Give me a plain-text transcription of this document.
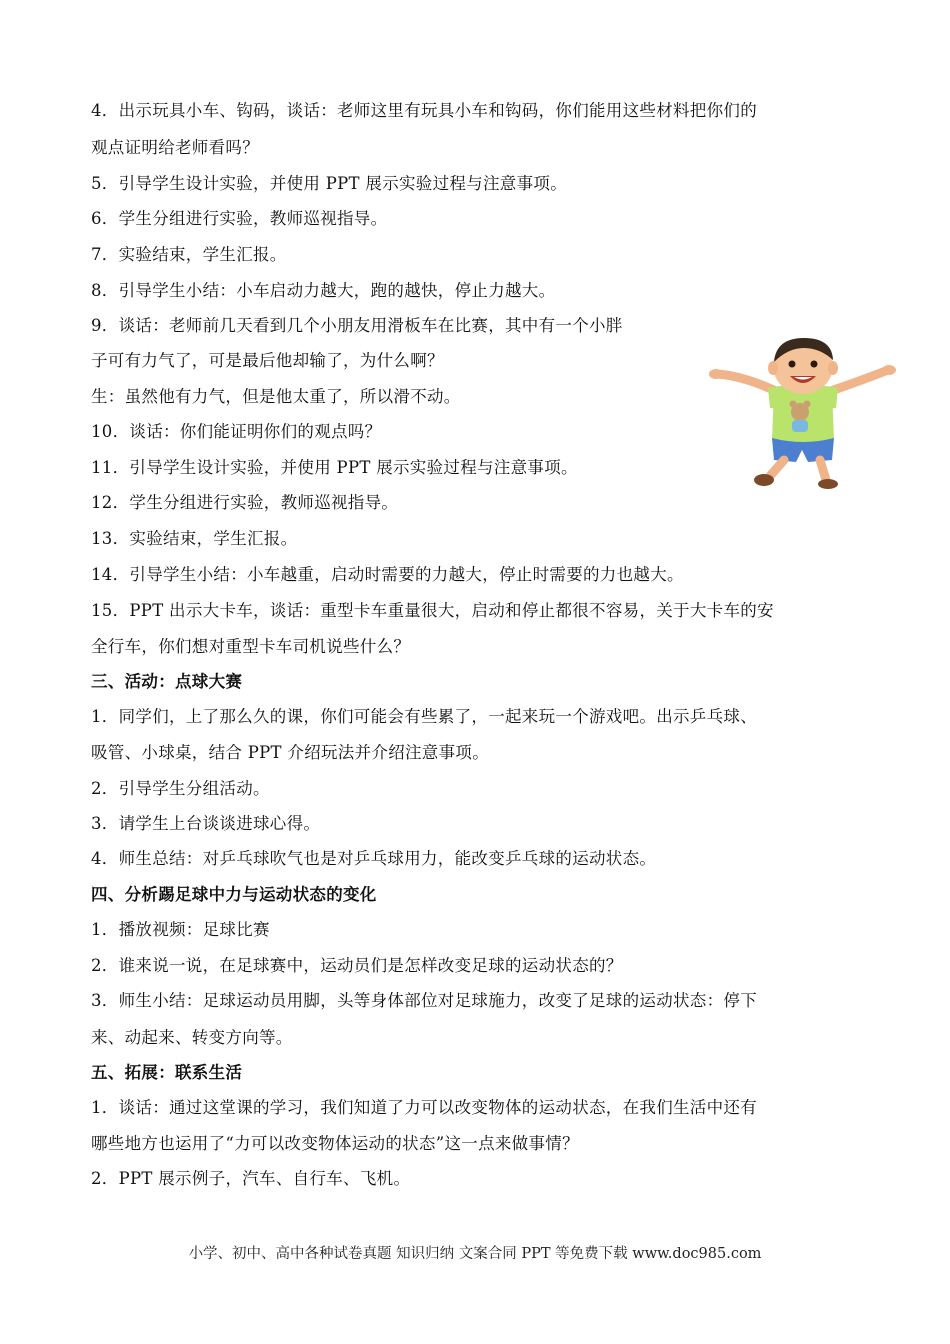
4．出示玩具小车、钩码，谈话：老师这里有玩具小车和钩码，你们能用这些材料把你们的
观点证明给老师看吗？
5．引导学生设计实验，并使用 PPT 展示实验过程与注意事项。
6．学生分组进行实验，教师巡视指导。
7．实验结束，学生汇报。
8．引导学生小结：小车启动力越大，跑的越快，停止力越大。
9．谈话：老师前几天看到几个小朋友用滑板车在比赛，其中有一个小胖
子可有力气了，可是最后他却输了，为什么啊？
生：虽然他有力气，但是他太重了，所以滑不动。
10．谈话：你们能证明你们的观点吗？
11．引导学生设计实验，并使用 PPT 展示实验过程与注意事项。
12．学生分组进行实验，教师巡视指导。
13．实验结束，学生汇报。
14．引导学生小结：小车越重，启动时需要的力越大，停止时需要的力也越大。
15．PPT 出示大卡车，谈话：重型卡车重量很大，启动和停止都很不容易，关于大卡车的安
全行车，你们想对重型卡车司机说些什么？
三、活动：点球大赛
1．同学们，上了那么久的课，你们可能会有些累了，一起来玩一个游戏吧。出示乒乓球、
吸管、小球桌，结合 PPT 介绍玩法并介绍注意事项。
2．引导学生分组活动。
3．请学生上台谈谈进球心得。
4．师生总结：对乒乓球吹气也是对乒乓球用力，能改变乒乓球的运动状态。
四、分析踢足球中力与运动状态的变化
1．播放视频：足球比赛
2．谁来说一说，在足球赛中，运动员们是怎样改变足球的运动状态的？
3．师生小结：足球运动员用脚，头等身体部位对足球施力，改变了足球的运动状态：停下
来、动起来、转变方向等。
五、拓展：联系生活
1．谈话：通过这堂课的学习，我们知道了力可以改变物体的运动状态，在我们生活中还有
哪些地方也运用了“力可以改变物体运动的状态”这一点来做事情？
2．PPT 展示例子，汽车、自行车、飞机。
小学、初中、高中各种试卷真题 知识归纳 文案合同 PPT 等免费下载 www.doc985.com
